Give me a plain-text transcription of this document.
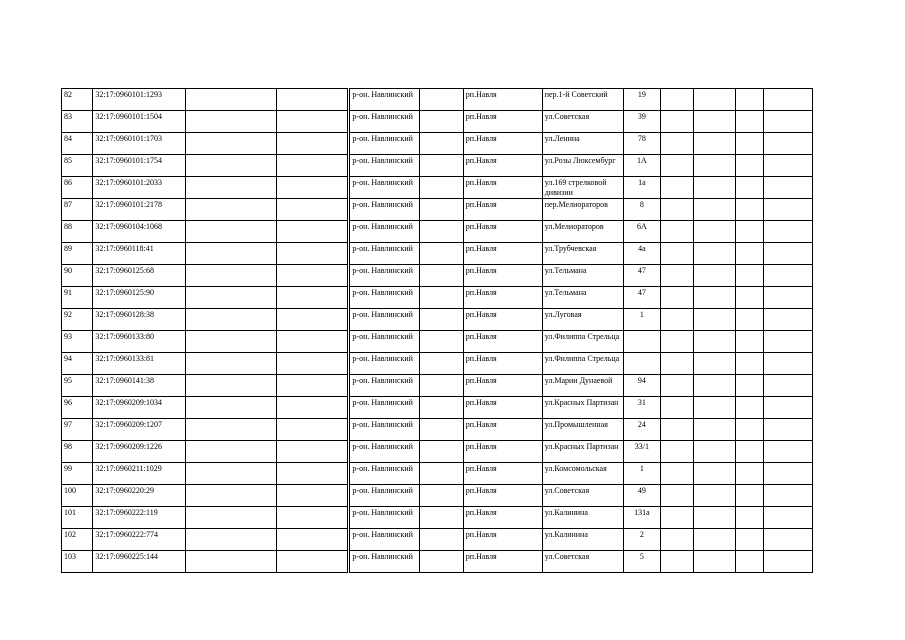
82	32:17:0960101:1293			р-он. Навлинский		рп.Навля	пер.1-й Советский	19				
83	32:17:0960101:1504			р-он. Навлинский		рп.Навля	ул.Советская	39				
84	32:17:0960101:1703			р-он. Навлинский		рп.Навля	ул.Ленина	78				
85	32:17:0960101:1754			р-он. Навлинский		рп.Навля	ул.Розы Люксембург	1А				
86	32:17:0960101:2033			р-он. Навлинский		рп.Навля	ул.169 стрелковой дивизии	1а				
87	32:17:0960101:2178			р-он. Навлинский		рп.Навля	пер.Мелиораторов	8				
88	32:17:0960104:1068			р-он. Навлинский		рп.Навля	ул.Мелиораторов	6А				
89	32:17:0960118:41			р-он. Навлинский		рп.Навля	ул.Трубчевская	4а				
90	32:17:0960125:68			р-он. Навлинский		рп.Навля	ул.Тельмана	47				
91	32:17:0960125:90			р-он. Навлинский		рп.Навля	ул.Тельмана	47				
92	32:17:0960128:38			р-он. Навлинский		рп.Навля	ул.Луговая	1				
93	32:17:0960133:80			р-он. Навлинский		рп.Навля	ул.Филиппа Стрельца					
94	32:17:0960133:81			р-он. Навлинский		рп.Навля	ул.Филиппа Стрельца					
95	32:17:0960141:38			р-он. Навлинский		рп.Навля	ул.Марии Дунаевой	94				
96	32:17:0960209:1034			р-он. Навлинский		рп.Навля	ул.Красных Партизан	31				
97	32:17:0960209:1207			р-он. Навлинский		рп.Навля	ул.Промышленная	24				
98	32:17:0960209:1226			р-он. Навлинский		рп.Навля	ул.Красных Партизан	33/1				
99	32:17:0960211:1029			р-он. Навлинский		рп.Навля	ул.Комсомольская	1				
100	32:17:0960220:29			р-он. Навлинский		рп.Навля	ул.Советская	49				
101	32:17:0960222:119			р-он. Навлинский		рп.Навля	ул.Калинина	131а				
102	32:17:0960222:774			р-он. Навлинский		рп.Навля	ул.Калинина	2				
103	32:17:0960225:144			р-он. Навлинский		рп.Навля	ул.Советская	5				
